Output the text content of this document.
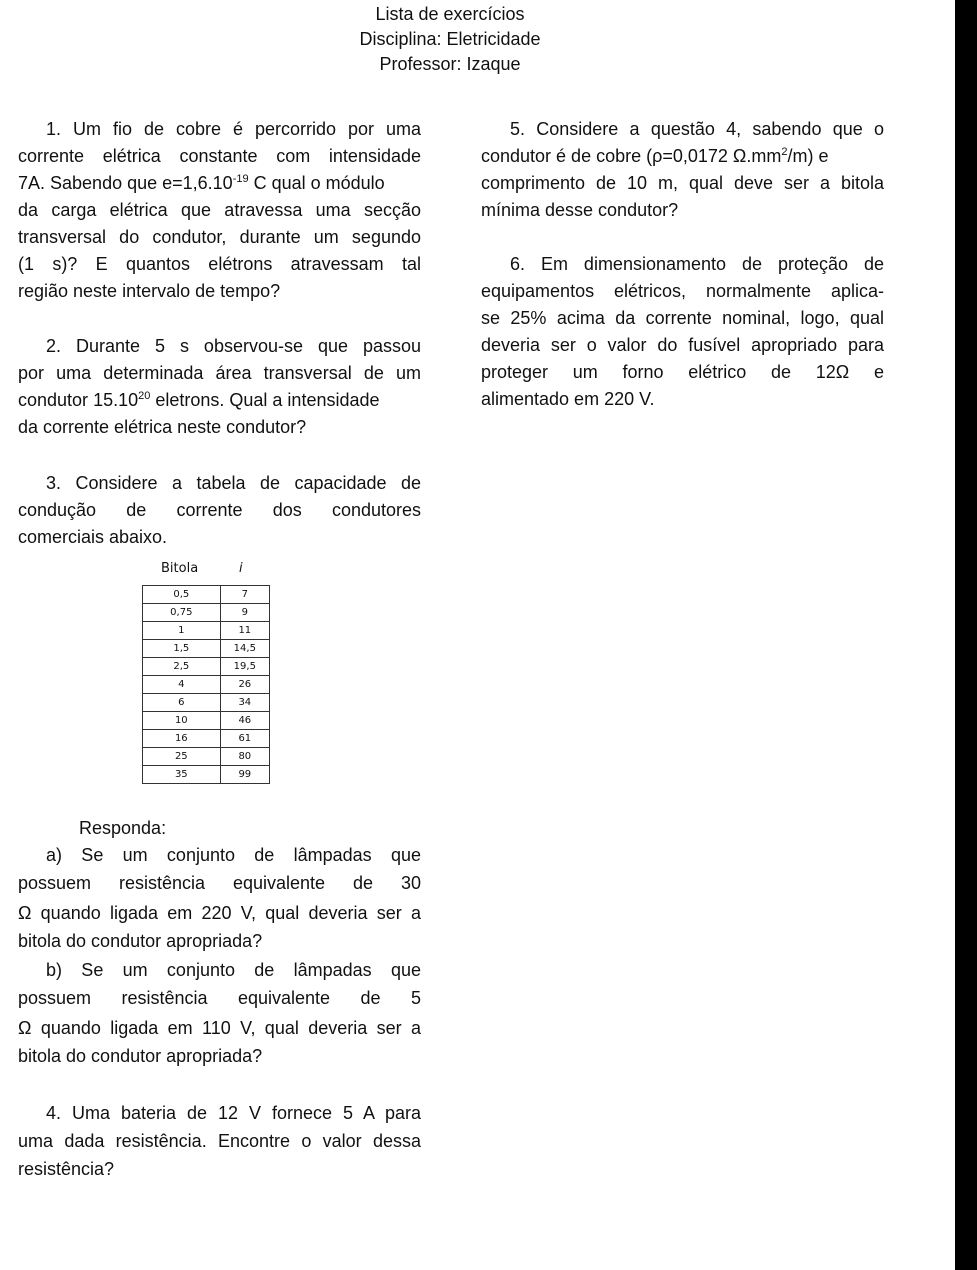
Lista de exercícios
Disciplina: Eletricidade
Professor: Izaque
1. Um fio de cobre é percorrido por uma
corrente elétrica constante com intensidade
7A. Sabendo que $e=1,6.10^{-19}$ C qual o módulo
da carga elétrica que atravessa uma secção
transversal do condutor, durante um segundo
(1 s)? E quantos elétrons atravessam tal
região neste intervalo de tempo?
2. Durante 5 s observou-se que passou
por uma determinada área transversal de um
condutor 15.10$^{20}$ eletrons. Qual a intensidade
da corrente elétrica neste condutor?
3. Considere a tabela de capacidade de
condução de corrente dos condutores
comerciais abaixo.
Bitola	i
0,5	7
0,75	9
1	11
1,5	14,5
2,5	19,5
4	26
6	34
10	46
16	61
25	80
35	99
Responda:
a) Se um conjunto de lâmpadas que
possuem resistência equivalente de 30
Ω quando ligada em 220 V, qual deveria ser a
bitola do condutor apropriada?
b) Se um conjunto de lâmpadas que
possuem resistência equivalente de 5
Ω quando ligada em 110 V, qual deveria ser a
bitola do condutor apropriada?
4. Uma bateria de 12 V fornece 5 A para
uma dada resistência. Encontre o valor dessa
resistência?
5. Considere a questão 4, sabendo que o
condutor é de cobre (ρ=0,0172 $\Omega.mm^2/m$) e
comprimento de 10 m, qual deve ser a bitola
mínima desse condutor?
6. Em dimensionamento de proteção de
equipamentos elétricos, normalmente aplica-
se 25% acima da corrente nominal, logo, qual
deveria ser o valor do fusível apropriado para
proteger um forno elétrico de 12Ω e
alimentado em 220 V.
